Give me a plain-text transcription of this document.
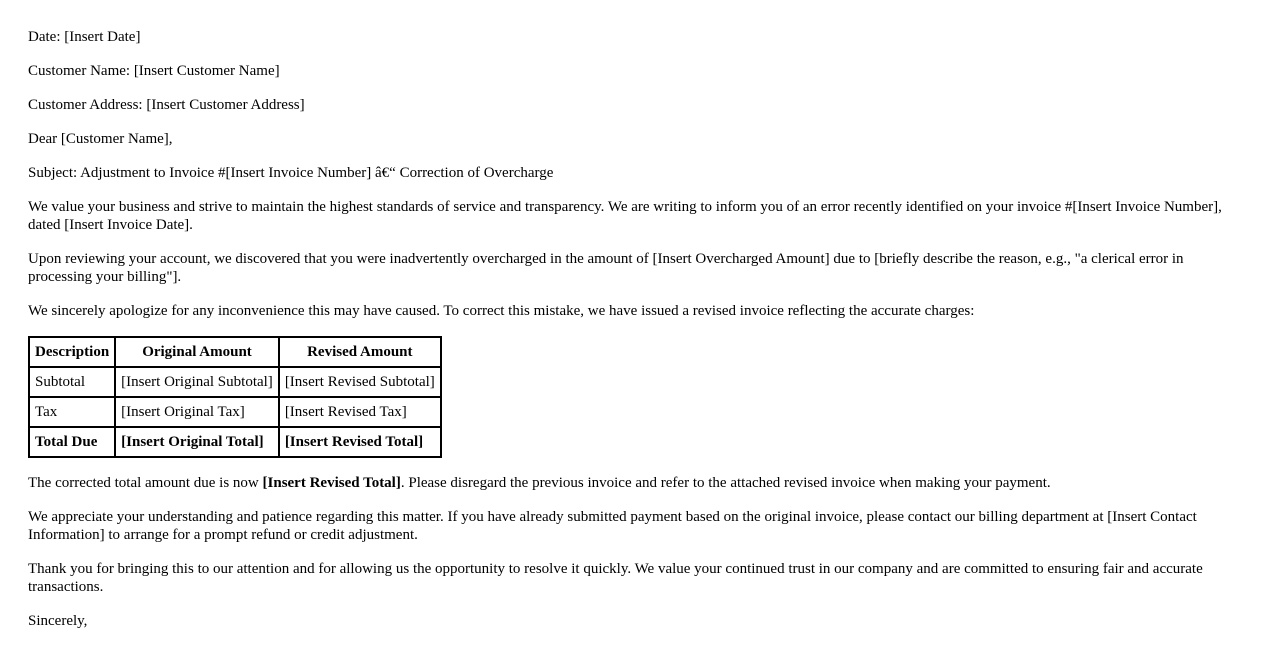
Date: [Insert Date]

Customer Name: [Insert Customer Name]

Customer Address: [Insert Customer Address]

Dear [Customer Name],

Subject: Adjustment to Invoice #[Insert Invoice Number] â€“ Correction of Overcharge

We value your business and strive to maintain the highest standards of service and transparency. We are writing to inform you of an error recently identified on your invoice #[Insert Invoice Number], dated [Insert Invoice Date].

Upon reviewing your account, we discovered that you were inadvertently overcharged in the amount of [Insert Overcharged Amount] due to [briefly describe the reason, e.g., "a clerical error in processing your billing"].

We sincerely apologize for any inconvenience this may have caused. To correct this mistake, we have issued a revised invoice reflecting the accurate charges:

Description	Original Amount	Revised Amount
Subtotal	[Insert Original Subtotal]	[Insert Revised Subtotal]
Tax	[Insert Original Tax]	[Insert Revised Tax]
Total Due	[Insert Original Total]	[Insert Revised Total]

The corrected total amount due is now [Insert Revised Total]. Please disregard the previous invoice and refer to the attached revised invoice when making your payment.

We appreciate your understanding and patience regarding this matter. If you have already submitted payment based on the original invoice, please contact our billing department at [Insert Contact Information] to arrange for a prompt refund or credit adjustment.

Thank you for bringing this to our attention and for allowing us the opportunity to resolve it quickly. We value your continued trust in our company and are committed to ensuring fair and accurate transactions.

Sincerely,
